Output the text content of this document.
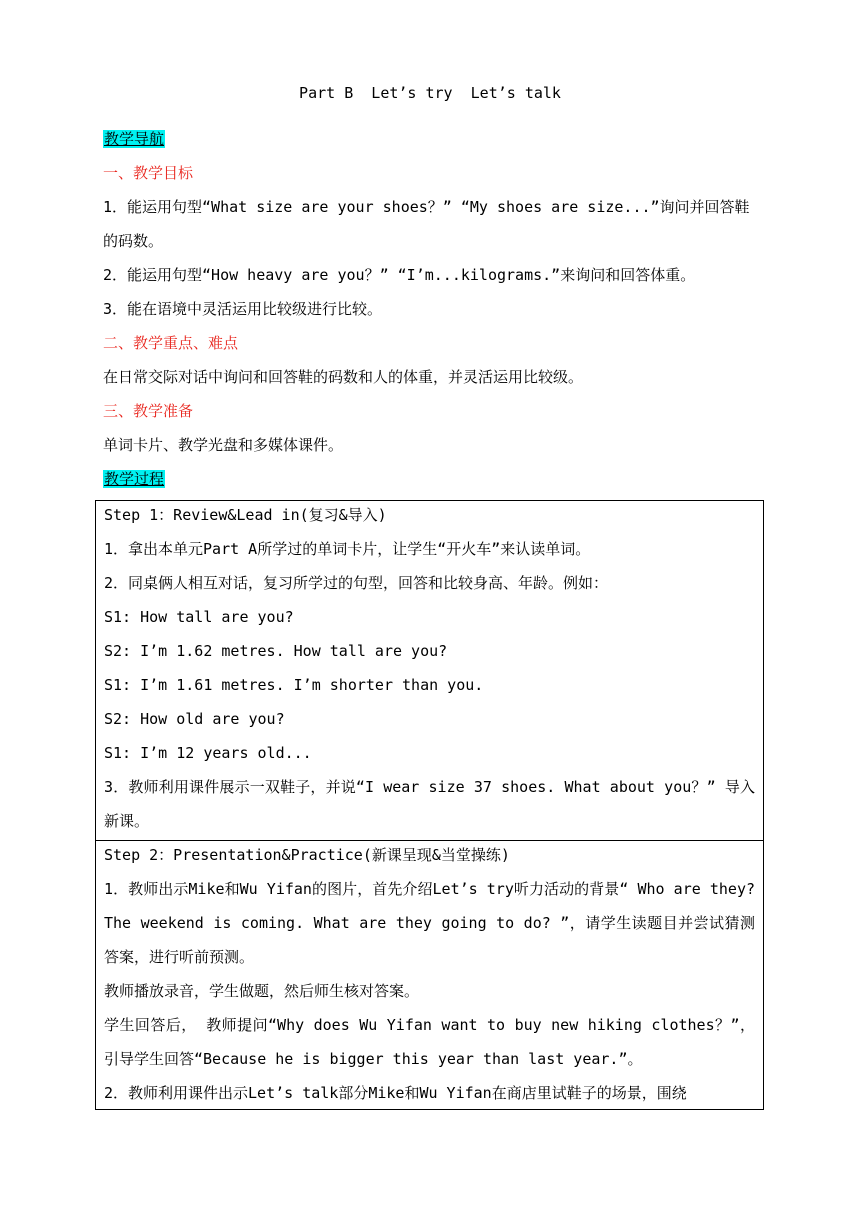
Part B  Let’s try  Let’s talk
教学导航
一、教学目标
1．能运用句型“What size are your shoes？” “My shoes are size...”询问并回答鞋的码数。
2．能运用句型“How heavy are you？” “I’m...kilograms.”来询问和回答体重。
3．能在语境中灵活运用比较级进行比较。
二、教学重点、难点
在日常交际对话中询问和回答鞋的码数和人的体重，并灵活运用比较级。
三、教学准备
单词卡片、教学光盘和多媒体课件。
教学过程
Step 1：Review&Lead in(复习&导入)
1．拿出本单元Part A所学过的单词卡片，让学生“开火车”来认读单词。
2．同桌俩人相互对话，复习所学过的句型，回答和比较身高、年龄。例如：
S1: How tall are you?
S2: I’m 1.62 metres. How tall are you?
S1: I’m 1.61 metres. I’m shorter than you.
S2: How old are you?
S1: I’m 12 years old...
3．教师利用课件展示一双鞋子，并说“I wear size 37 shoes. What about you？” 导入新课。
Step 2：Presentation&Practice(新课呈现&当堂操练)
1．教师出示Mike和Wu Yifan的图片，首先介绍Let’s try听力活动的背景“ Who are they? The weekend is coming. What are they going to do? ”，请学生读题目并尝试猜测答案，进行听前预测。
教师播放录音，学生做题，然后师生核对答案。
学生回答后， 教师提问“Why does Wu Yifan want to buy new hiking clothes？”，引导学生回答“Because he is bigger this year than last year.”。
2．教师利用课件出示Let’s talk部分Mike和Wu Yifan在商店里试鞋子的场景，围绕
